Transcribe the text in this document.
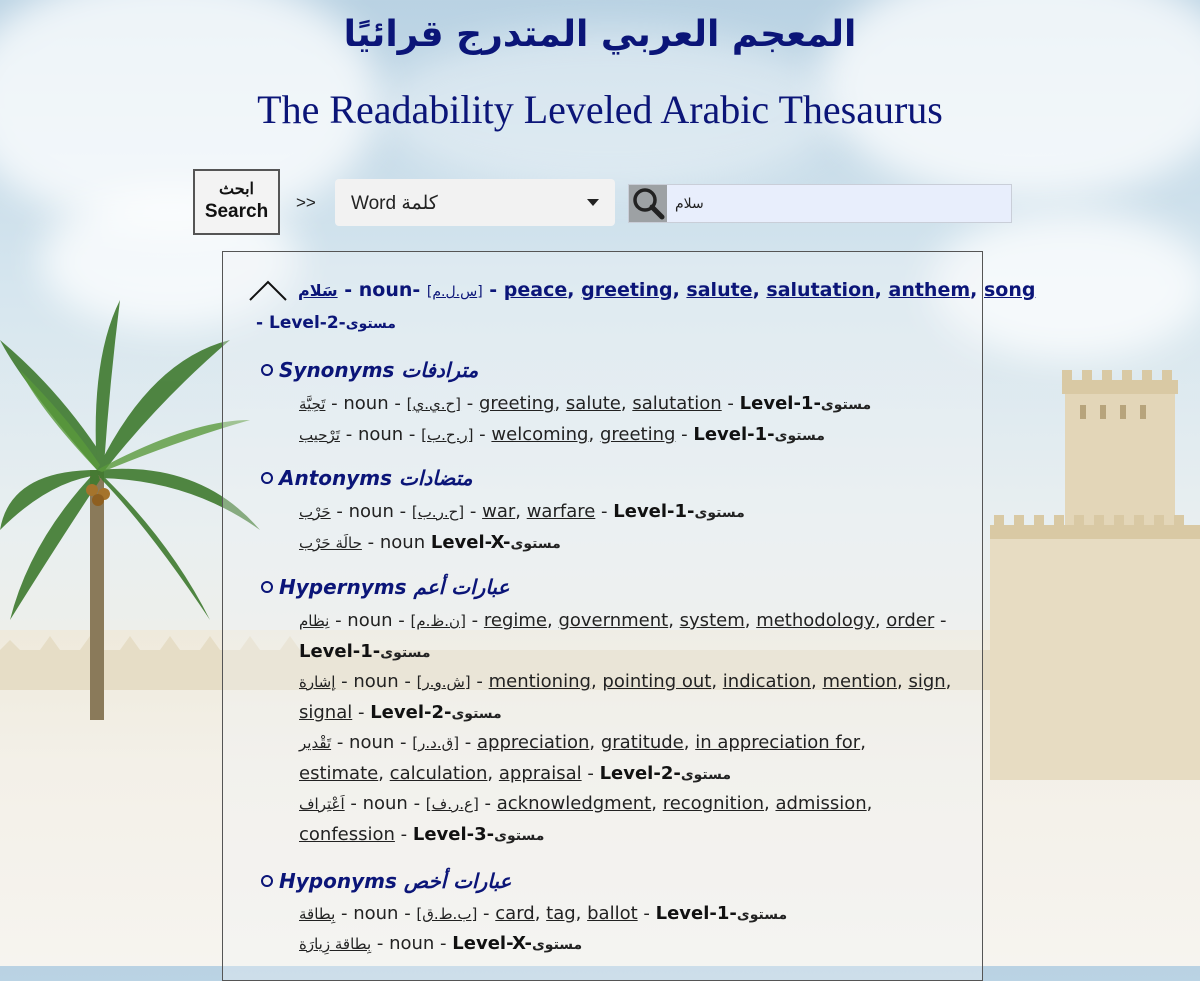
المعجم العربي المتدرج قرائيًا
The Readability Leveled Arabic Thesaurus
ابحث
Search >>	Word كلمة
سلام
سَلام - noun- [س.ل.م] - peace, greeting, salute, salutation, anthem, song
- Level-2-مستوى
Synonyms مترادفات
تَحِيَّة - noun - [ح.ي.ي] - greeting, salute, salutation - Level-1-مستوى
تَرْحيب - noun - [ر.ح.ب] - welcoming, greeting - Level-1-مستوى
Antonyms متضادات
حَرْب - noun - [ح.ر.ب] - war, warfare - Level-1-مستوى
حالَة حَرْب - noun Level-X-مستوى
Hypernyms عبارات أعم
نِظام - noun - [ن.ظ.م] - regime, government, system, methodology, order -
Level-1-مستوى
إشارة - noun - [ش.و.ر] - mentioning, pointing out, indication, mention, sign,
signal - Level-2-مستوى
تَقْدير - noun - [ق.د.ر] - appreciation, gratitude, in appreciation for,
estimate, calculation, appraisal - Level-2-مستوى
اَعْتِراف - noun - [ع.ر.ف] - acknowledgment, recognition, admission,
confession - Level-3-مستوى
Hyponyms عبارات أخص
بِطاقة - noun - [ب.ط.ق] - card, tag, ballot - Level-1-مستوى
بِطاقة زِيارَة - noun - Level-X-مستوى
